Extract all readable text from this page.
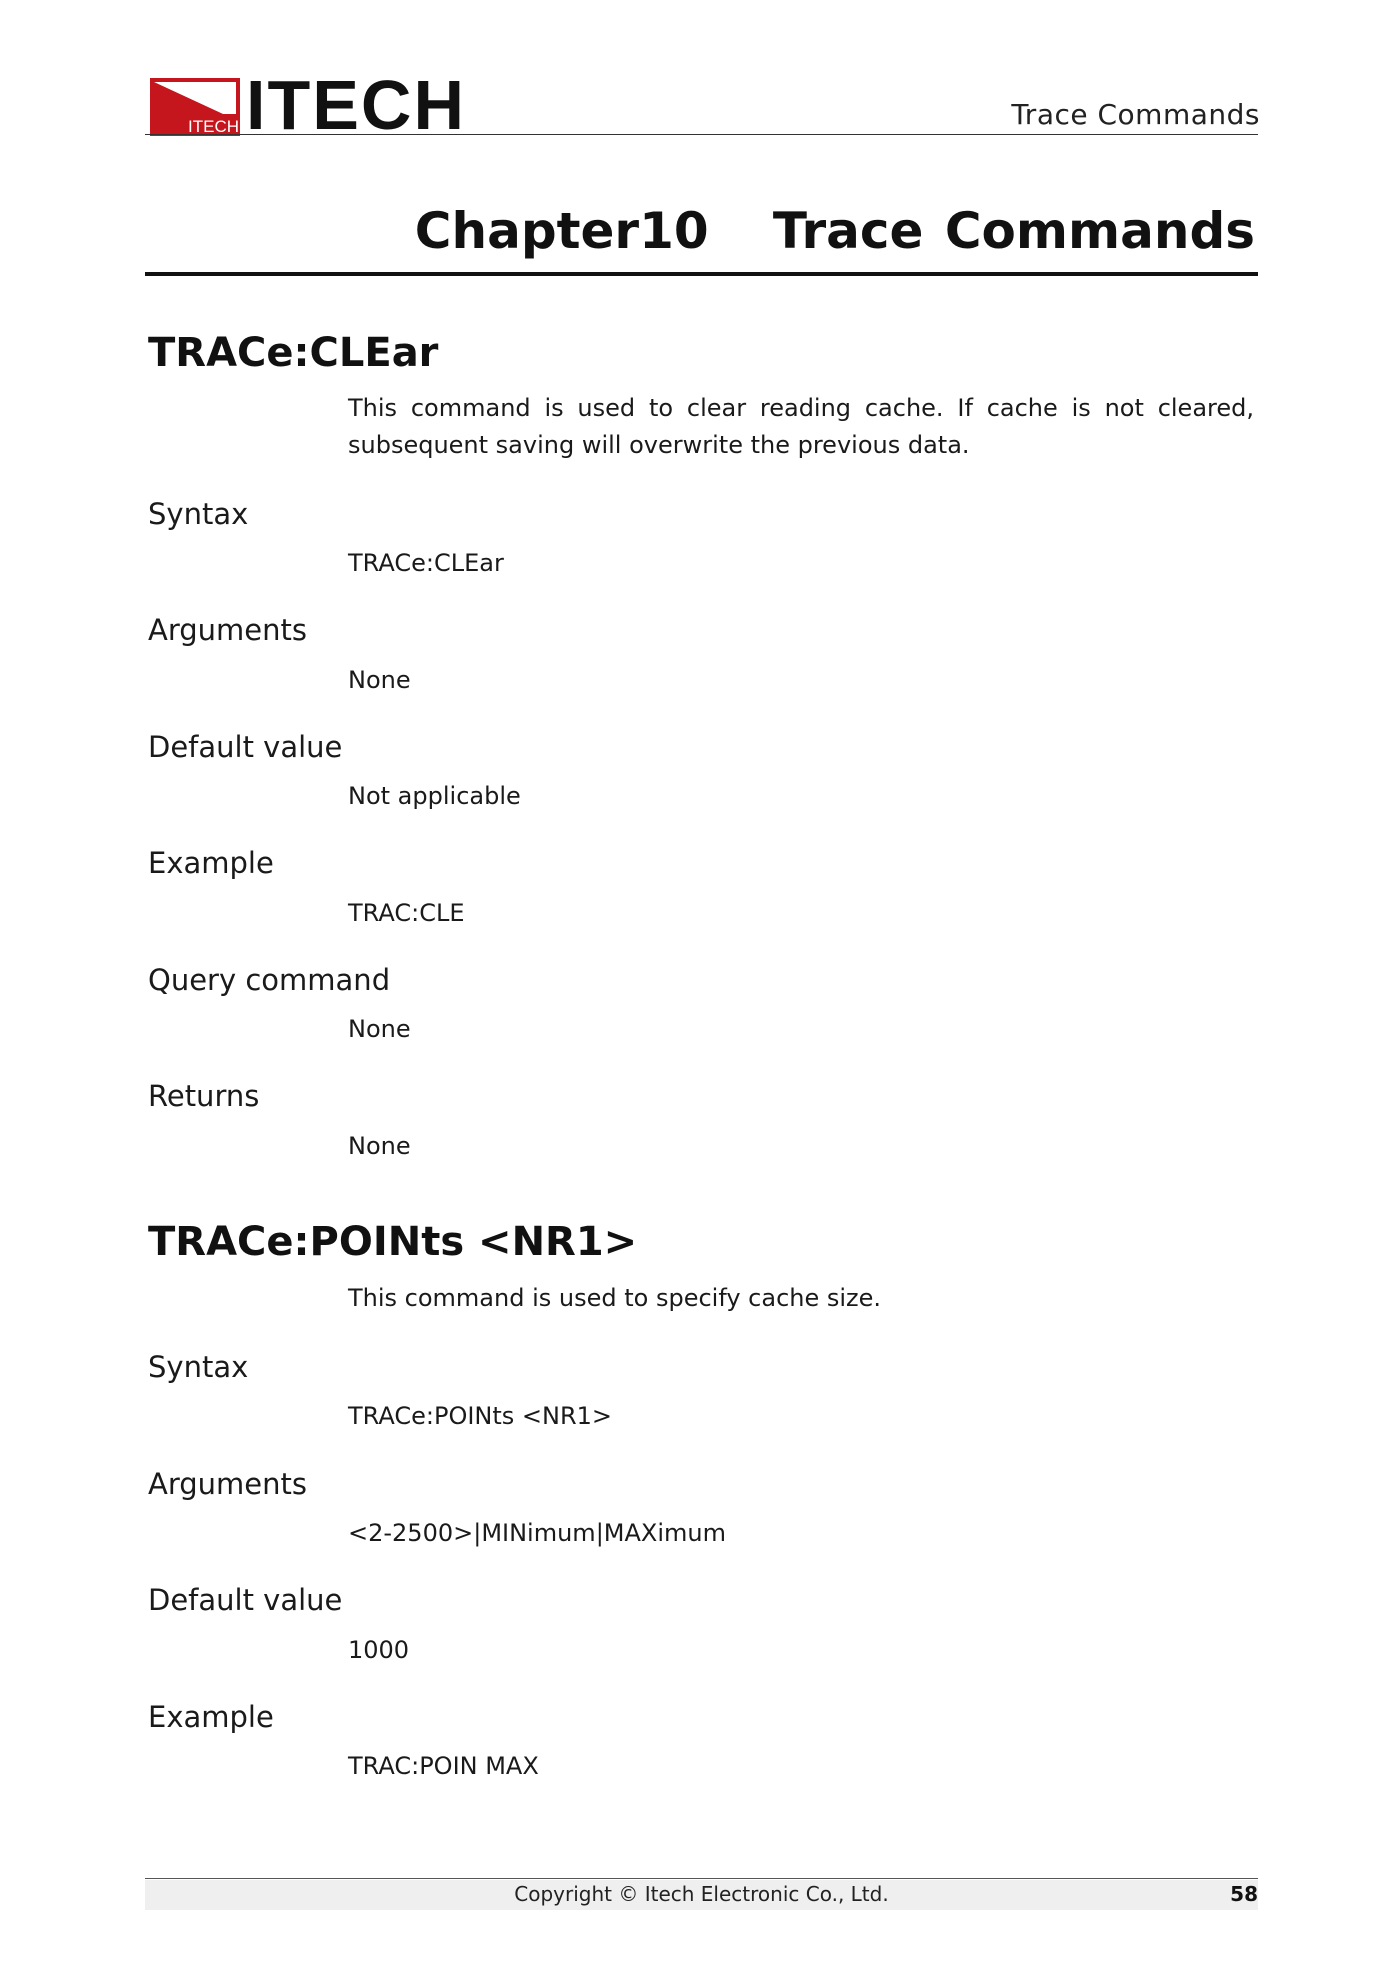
ITECH ITECH	Trace Commands
Chapter10   Trace Commands
TRACe:CLEar
This command is used to clear reading cache. If cache is not cleared, subsequent saving will overwrite the previous data.
Syntax
TRACe:CLEar
Arguments
None
Default value
Not applicable
Example
TRAC:CLE
Query command
None
Returns
None
TRACe:POINts <NR1>
This command is used to specify cache size.
Syntax
TRACe:POINts <NR1>
Arguments
<2-2500>|MINimum|MAXimum
Default value
1000
Example
TRAC:POIN MAX
Copyright © Itech Electronic Co., Ltd.	58
